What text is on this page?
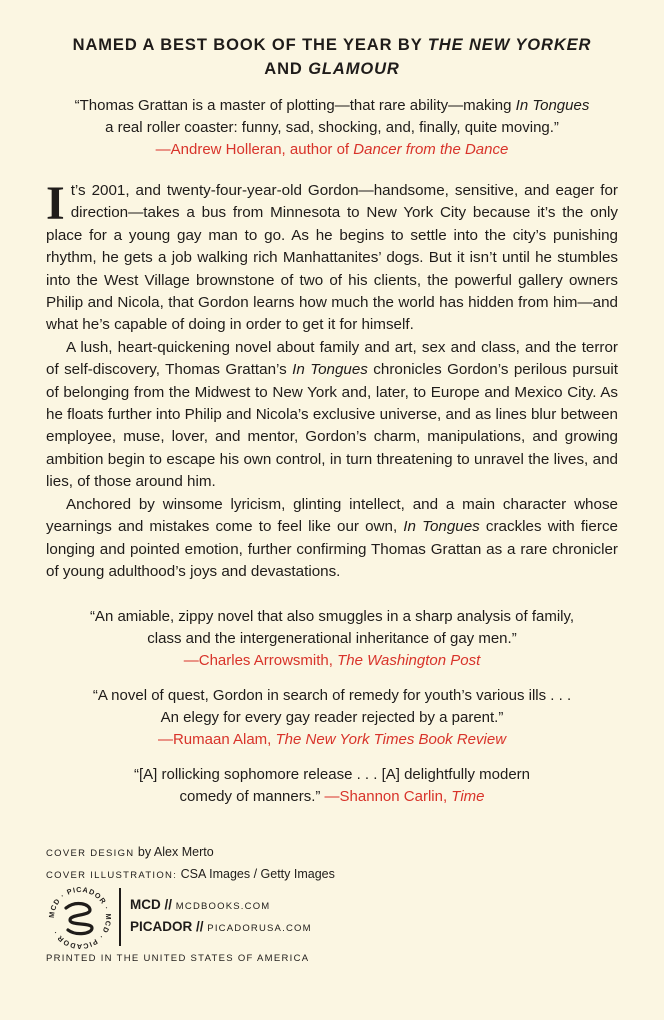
NAMED A BEST BOOK OF THE YEAR BY THE NEW YORKER
AND GLAMOUR
“Thomas Grattan is a master of plotting—that rare ability—making In Tongues
a real roller coaster: funny, sad, shocking, and, finally, quite moving.”
—Andrew Holleran, author of Dancer from the Dance

It’s 2001, and twenty-four-year-old Gordon—handsome, sensitive, and eager for direction—takes a bus from Minnesota to New York City because it’s the only place for a young gay man to go. As he begins to settle into the city’s punishing rhythm, he gets a job walking rich Manhattanites’ dogs. But it isn’t until he stumbles into the West Village brownstone of two of his clients, the powerful gallery owners Philip and Nicola, that Gordon learns how much the world has hidden from him—and what he’s capable of doing in order to get it for himself.

A lush, heart-quickening novel about family and art, sex and class, and the terror of self-discovery, Thomas Grattan’s In Tongues chronicles Gordon’s perilous pursuit of belonging from the Midwest to New York and, later, to Europe and Mexico City. As he floats further into Philip and Nicola’s exclusive universe, and as lines blur between employee, muse, lover, and mentor, Gordon’s charm, manipulations, and growing ambition begin to escape his own control, in turn threatening to unravel the lives, and lies, of those around him.

Anchored by winsome lyricism, glinting intellect, and a main character whose yearnings and mistakes come to feel like our own, In Tongues crackles with fierce longing and pointed emotion, further confirming Thomas Grattan as a rare chronicler of young adulthood’s joys and devastations.

“An amiable, zippy novel that also smuggles in a sharp analysis of family,
class and the intergenerational inheritance of gay men.”
—Charles Arrowsmith, The Washington Post
“A novel of quest, Gordon in search of remedy for youth’s various ills . . .
An elegy for every gay reader rejected by a parent.”
—Rumaan Alam, The New York Times Book Review
“[A] rollicking sophomore release . . . [A] delightfully modern
comedy of manners.” —Shannon Carlin, Time
COVER DESIGN by Alex Merto
COVER ILLUSTRATION: CSA Images / Getty Images
MCD · PICADOR · MCD · PICADOR ·
MCD // MCDBOOKS.COM
PICADOR // PICADORUSA.COM
PRINTED IN THE UNITED STATES OF AMERICA
